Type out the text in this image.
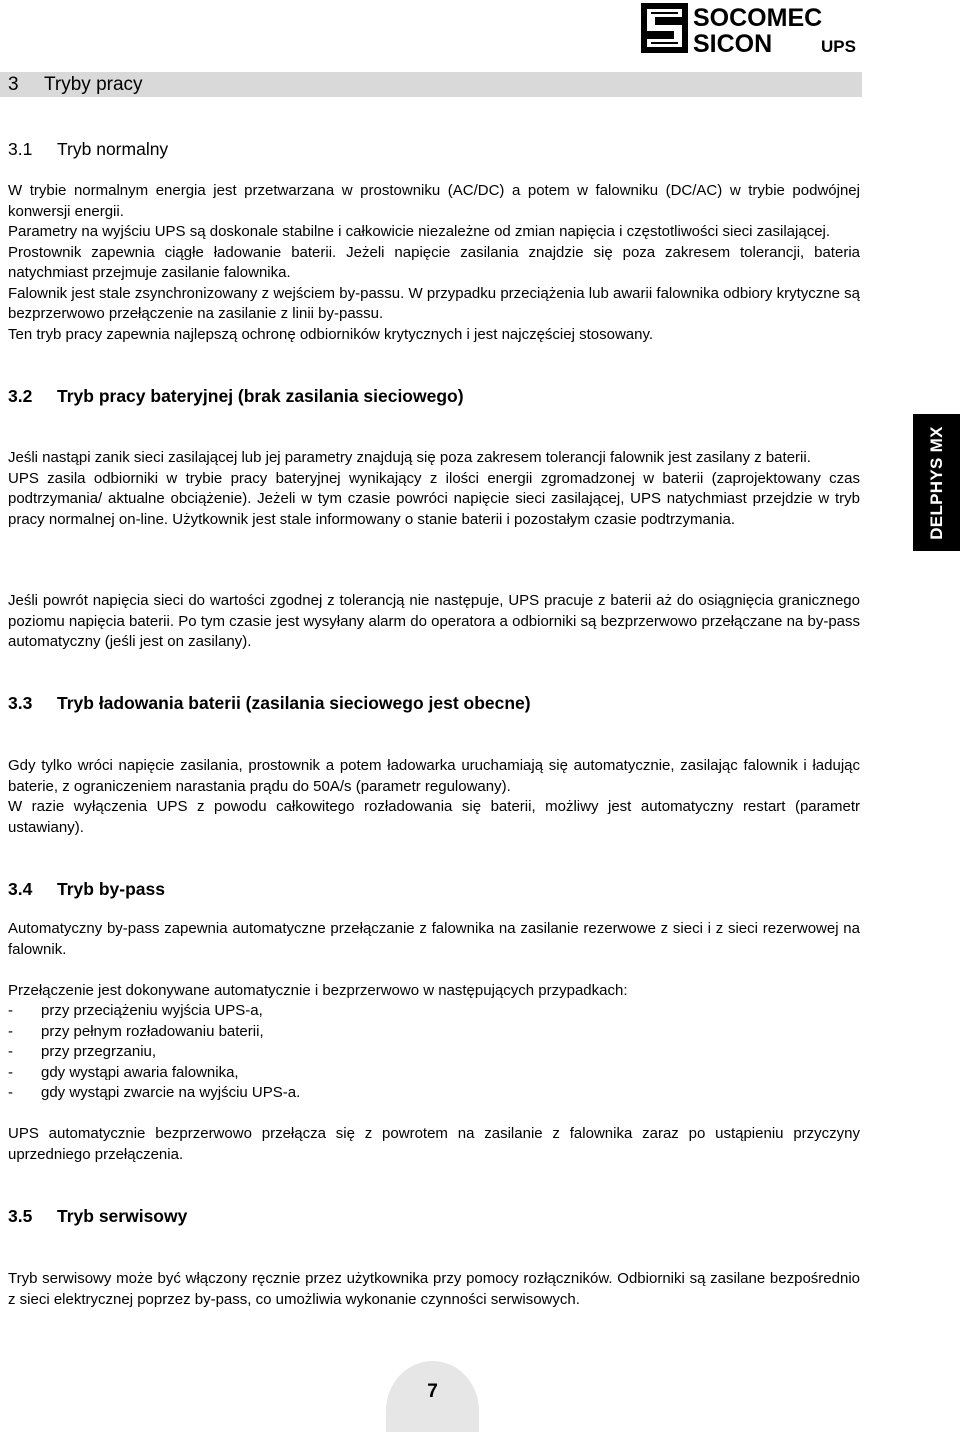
SOCOMEC
SICON	UPS
3 Tryby pracy
3.1 Tryb normalny

W trybie normalnym energia jest przetwarzana w prostowniku (AC/DC) a potem w falowniku (DC/AC) w trybie podwójnej konwersji energii.

Parametry na wyjściu UPS są doskonale stabilne i całkowicie niezależne od zmian napięcia i częstotliwości sieci zasilającej.

Prostownik zapewnia ciągłe ładowanie baterii. Jeżeli napięcie zasilania znajdzie się poza zakresem tolerancji, bateria natychmiast przejmuje zasilanie falownika.

Falownik jest stale zsynchronizowany z wejściem by-passu. W przypadku przeciążenia lub awarii falownika odbiory krytyczne są bezprzerwowo przełączenie na zasilanie z linii by-passu.

Ten tryb pracy zapewnia najlepszą ochronę odbiorników krytycznych i jest najczęściej stosowany.

3.2 Tryb pracy bateryjnej (brak zasilania sieciowego)

Jeśli nastąpi zanik sieci zasilającej lub jej parametry znajdują się poza zakresem tolerancji falownik jest zasilany z baterii.

UPS zasila odbiorniki w trybie pracy bateryjnej wynikający z ilości energii zgromadzonej w baterii (zaprojektowany czas podtrzymania/ aktualne obciążenie). Jeżeli w tym czasie powróci napięcie sieci zasilającej, UPS natychmiast przejdzie w tryb pracy normalnej on-line. Użytkownik jest stale informowany o stanie baterii i pozostałym czasie podtrzymania.

Jeśli powrót napięcia sieci do wartości zgodnej z tolerancją nie następuje, UPS pracuje z baterii aż do osiągnięcia granicznego poziomu napięcia baterii. Po tym czasie jest wysyłany alarm do operatora a odbiorniki są bezprzerwowo przełączane na by-pass automatyczny (jeśli jest on zasilany).

3.3 Tryb ładowania baterii (zasilania sieciowego jest obecne)

Gdy tylko wróci napięcie zasilania, prostownik a potem ładowarka uruchamiają się automatycznie, zasilając falownik i ładując baterie, z ograniczeniem narastania prądu do 50A/s (parametr regulowany).

W razie wyłączenia UPS z powodu całkowitego rozładowania się baterii, możliwy jest automatyczny restart (parametr ustawiany).

3.4 Tryb by-pass

Automatyczny by-pass zapewnia automatyczne przełączanie z falownika na zasilanie rezerwowe z sieci i z sieci rezerwowej na falownik.

Przełączenie jest dokonywane automatycznie i bezprzerwowo w następujących przypadkach:

- przy przeciążeniu wyjścia UPS-a,

- przy pełnym rozładowaniu baterii,

- przy przegrzaniu,

- gdy wystąpi awaria falownika,

- gdy wystąpi zwarcie na wyjściu UPS-a.

UPS automatycznie bezprzerwowo przełącza się z powrotem na zasilanie z falownika zaraz po ustąpieniu przyczyny uprzedniego przełączenia.

3.5 Tryb serwisowy

Tryb serwisowy może być włączony ręcznie przez użytkownika przy pomocy rozłączników. Odbiorniki są zasilane bezpośrednio z sieci elektrycznej poprzez by-pass, co umożliwia wykonanie czynności serwisowych.

DELPHYS MX
7
